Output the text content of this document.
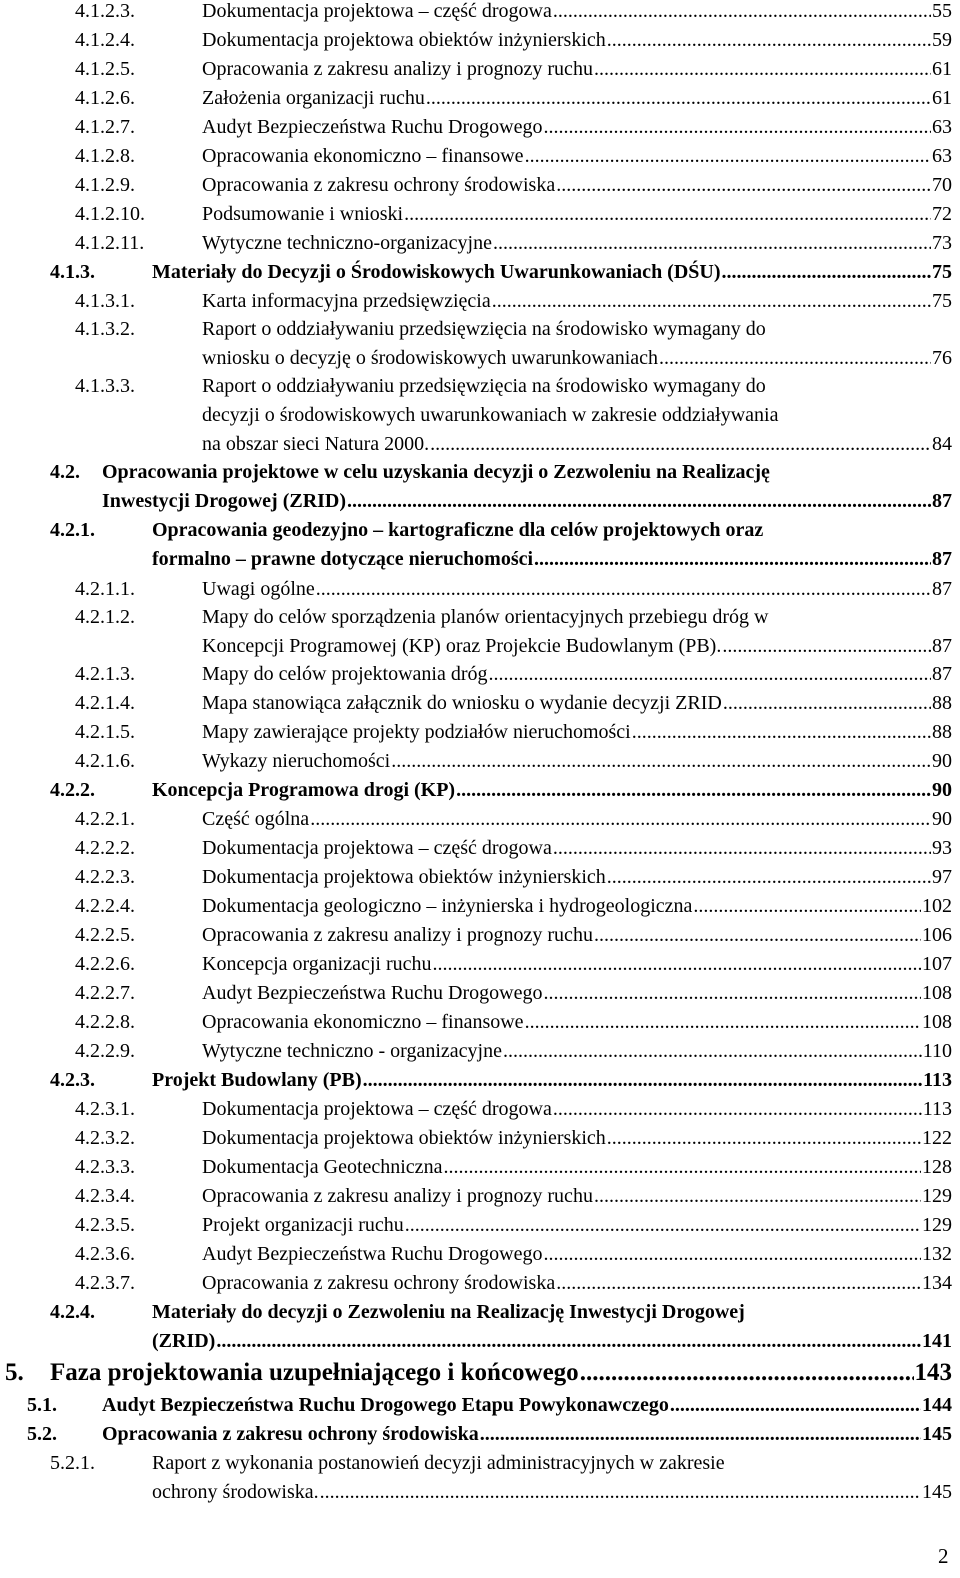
4.1.2.3.	Dokumentacja projektowa – część drogowa .....	55
4.1.2.4.	Dokumentacja projektowa obiektów inżynierskich .....	59
4.1.2.5.	Opracowania z zakresu analizy i prognozy ruchu .....	61
4.1.2.6.	Założenia organizacji ruchu .....	61
4.1.2.7.	Audyt Bezpieczeństwa Ruchu Drogowego .....	63
4.1.2.8.	Opracowania ekonomiczno – finansowe .....	63
4.1.2.9.	Opracowania z zakresu ochrony środowiska .....	70
4.1.2.10.	Podsumowanie i wnioski .....	72
4.1.2.11.	Wytyczne techniczno-organizacyjne .....	73
4.1.3.	Materiały do Decyzji o Środowiskowych Uwarunkowaniach (DŚU) .....	75
4.1.3.1.	Karta informacyjna przedsięwzięcia .....	75
4.1.3.2.	Raport o oddziaływaniu przedsięwzięcia na środowisko wymagany do
wniosku o decyzję o środowiskowych uwarunkowaniach .....	76
4.1.3.3.	Raport o oddziaływaniu przedsięwzięcia na środowisko wymagany do
decyzji o środowiskowych uwarunkowaniach w zakresie oddziaływania
na obszar sieci Natura 2000. .....	84
4.2. Opracowania projektowe w celu uzyskania decyzji o Zezwoleniu na Realizację
Inwestycji Drogowej (ZRID) .....	87
4.2.1.	Opracowania geodezyjno – kartograficzne dla celów projektowych oraz
formalno – prawne dotyczące nieruchomości .....	87
4.2.1.1.	Uwagi ogólne .....	87
4.2.1.2.	Mapy do celów sporządzenia planów orientacyjnych przebiegu dróg w
Koncepcji Programowej (KP) oraz Projekcie Budowlanym (PB). .....	87
4.2.1.3.	Mapy do celów projektowania dróg .....	87
4.2.1.4.	Mapa stanowiąca załącznik do wniosku o wydanie decyzji ZRID .....	88
4.2.1.5.	Mapy zawierające projekty podziałów nieruchomości .....	88
4.2.1.6.	Wykazy nieruchomości .....	90
4.2.2.	Koncepcja Programowa drogi (KP) .....	90
4.2.2.1.	Część ogólna .....	90
4.2.2.2.	Dokumentacja projektowa – część drogowa .....	93
4.2.2.3.	Dokumentacja projektowa obiektów inżynierskich .....	97
4.2.2.4.	Dokumentacja geologiczno – inżynierska i hydrogeologiczna .....	102
4.2.2.5.	Opracowania z zakresu analizy i prognozy ruchu .....	106
4.2.2.6.	Koncepcja organizacji ruchu .....	107
4.2.2.7.	Audyt Bezpieczeństwa Ruchu Drogowego .....	108
4.2.2.8.	Opracowania ekonomiczno – finansowe .....	108
4.2.2.9.	Wytyczne techniczno - organizacyjne .....	110
4.2.3.	Projekt Budowlany (PB) .....	113
4.2.3.1.	Dokumentacja projektowa – część drogowa .....	113
4.2.3.2.	Dokumentacja projektowa obiektów inżynierskich .....	122
4.2.3.3.	Dokumentacja Geotechniczna .....	128
4.2.3.4.	Opracowania z zakresu analizy i prognozy ruchu .....	129
4.2.3.5.	Projekt organizacji ruchu .....	129
4.2.3.6.	Audyt Bezpieczeństwa Ruchu Drogowego .....	132
4.2.3.7.	Opracowania z zakresu ochrony środowiska .....	134
4.2.4.	Materiały do decyzji o Zezwoleniu na Realizację Inwestycji Drogowej
(ZRID) .....	141
5. Faza projektowania uzupełniającego i końcowego .....	143
5.1. Audyt Bezpieczeństwa Ruchu Drogowego Etapu Powykonawczego .....	144
5.2. Opracowania z zakresu ochrony środowiska .....	145
5.2.1.	Raport z wykonania postanowień decyzji administracyjnych w zakresie
ochrony środowiska. .....	145
2
